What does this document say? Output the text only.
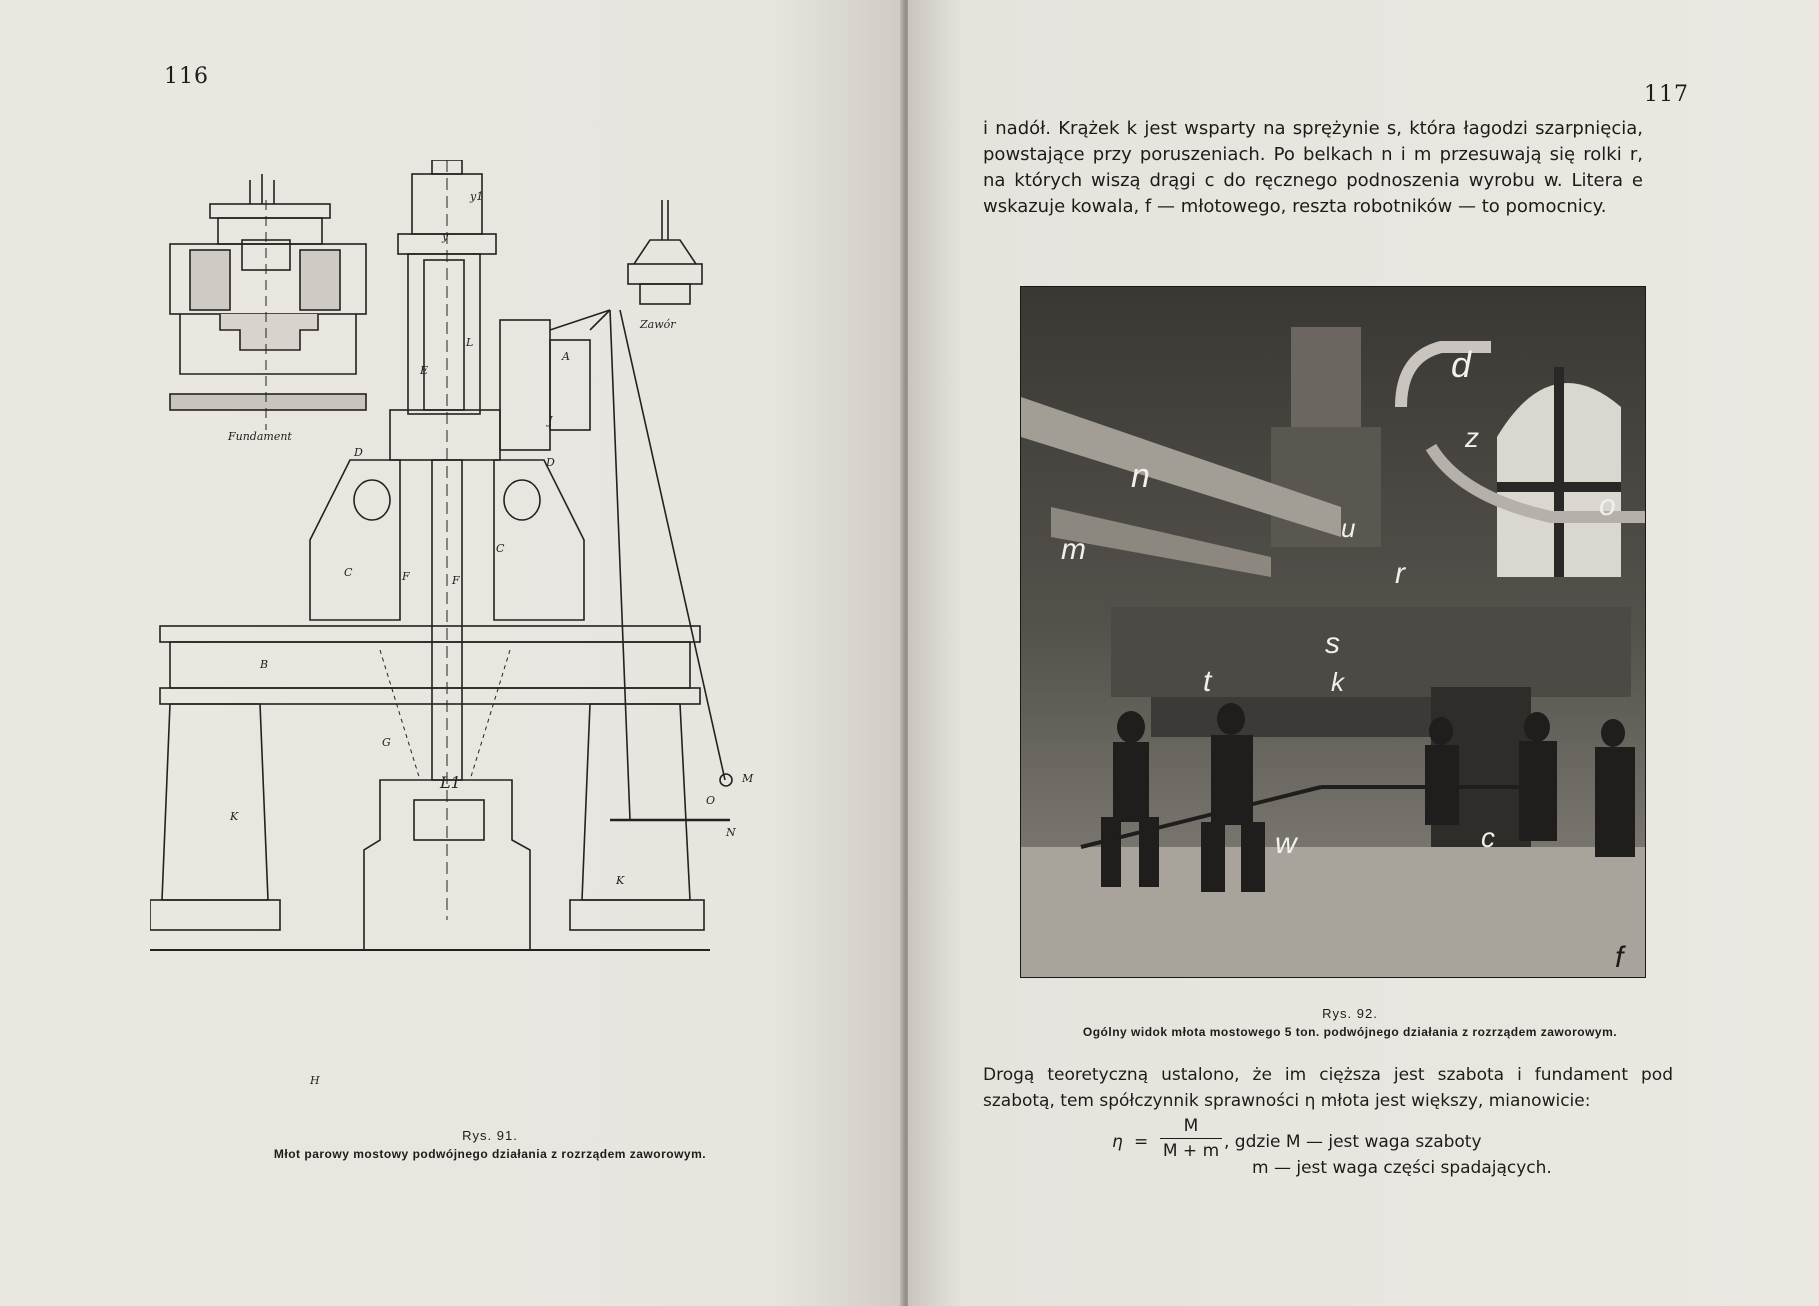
116
Fundament
Zawór
y1
y
E
L
A
J
D
D
C
C
F	F
B
G
L1
K
K
M
N
O
H
Rys. 91.
Młot parowy mostowy podwójnego działania z rozrządem zaworowym.
117
i nadół. Krążek k jest wsparty na sprężynie s, która łagodzi szarpnięcia, powstające przy poruszeniach. Po belkach n i m przesuwają się rolki r, na których wiszą drągi c do ręcznego podnoszenia wyrobu w. Litera e wskazuje kowala, f — młotowego, reszta robotników — to pomocnicy.
d
z
o
n
m
r
u
t
s
k
w	c
f
Rys. 92.
Ogólny widok młota mostowego 5 ton. podwójnego działania z rozrządem zaworowym.
Drogą teoretyczną ustalono, że im cięższa jest szabota i fundament pod szabotą, tem spółczynnik sprawności η młota jest większy, mianowicie:
$\eta = \frac{M}{M + m}$ , gdzie M — jest waga szaboty
m — jest waga części spadających.
